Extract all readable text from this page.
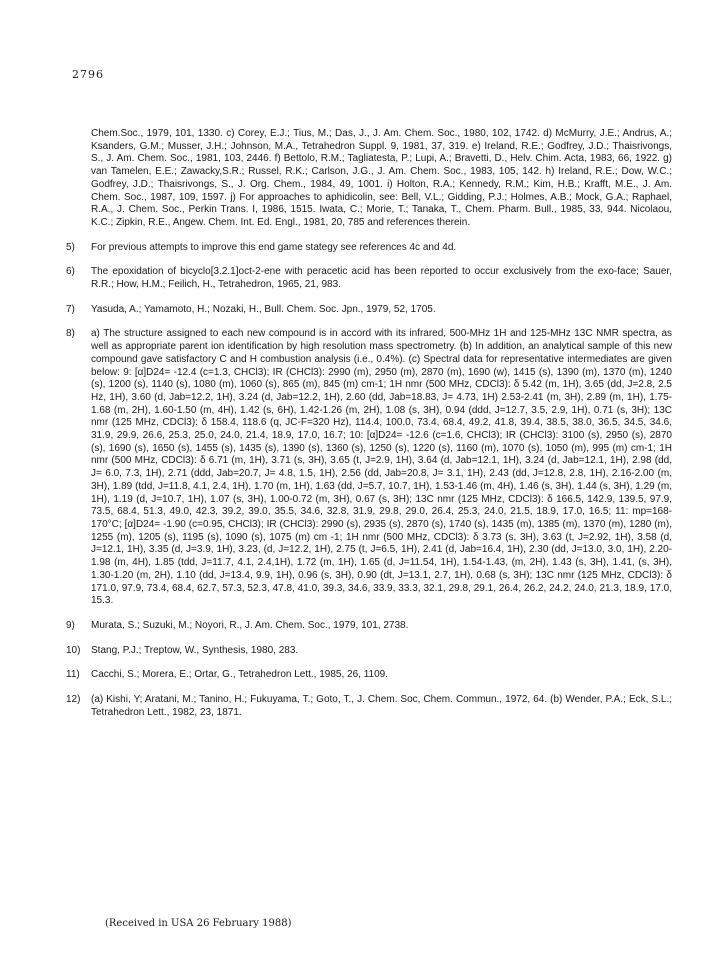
2796
Chem.Soc., 1979, 101, 1330. c) Corey, E.J.; Tius, M.; Das, J., J. Am. Chem. Soc., 1980, 102, 1742. d) McMurry, J.E.; Andrus, A.; Ksanders, G.M.; Musser, J.H.; Johnson, M.A., Tetrahedron Suppl. 9, 1981, 37, 319. e) Ireland, R.E.; Godfrey, J.D.; Thaisrivongs, S., J. Am. Chem. Soc., 1981, 103, 2446. f) Bettolo, R.M.; Tagliatesta, P.; Lupi, A.; Bravetti, D., Helv. Chim. Acta, 1983, 66, 1922. g) van Tamelen, E.E.; Zawacky,S.R.; Russel, R.K.; Carlson, J.G., J. Am. Chem. Soc., 1983, 105, 142. h) Ireland, R.E.; Dow, W.C.; Godfrey, J.D.; Thaisrivongs, S., J. Org. Chem., 1984, 49, 1001. i) Holton, R.A.; Kennedy, R.M.; Kim, H.B.; Krafft, M.E., J. Am. Chem. Soc., 1987, 109, 1597. j) For approaches to aphidicolin, see: Bell, V.L.; Gidding, P.J.; Holmes, A.B.; Mock, G.A.; Raphael, R.A., J. Chem. Soc., Perkin Trans. I, 1986, 1515. Iwata, C.; Morie, T.; Tanaka, T., Chem. Pharm. Bull., 1985, 33, 944. Nicolaou, K.C.; Zipkin, R.E., Angew. Chem. Int. Ed. Engl., 1981, 20, 785 and references therein.
5)	For previous attempts to improve this end game stategy see references 4c and 4d.
6)	The epoxidation of bicyclo[3.2.1]oct-2-ene with peracetic acid has been reported to occur exclusively from the exo-face; Sauer, R.R.; How, H.M.; Feilich, H., Tetrahedron, 1965, 21, 983.
7)	Yasuda, A.; Yamamoto, H.; Nozaki, H., Bull. Chem. Soc. Jpn., 1979, 52, 1705.
8)	a) The structure assigned to each new compound is in accord with its infrared, 500-MHz 1H and 125-MHz 13C NMR spectra, as well as appropriate parent ion identification by high resolution mass spectrometry. (b) In addition, an analytical sample of this new compound gave satisfactory C and H combustion analysis (i.e., 0.4%). (c) Spectral data for representative intermediates are given below: 9: [α]D24= -12.4 (c=1.3, CHCl3); IR (CHCl3): 2990 (m), 2950 (m), 2870 (m), 1690 (w), 1415 (s), 1390 (m), 1370 (m), 1240 (s), 1200 (s), 1140 (s), 1080 (m), 1060 (s), 865 (m), 845 (m) cm-1; 1H nmr (500 MHz, CDCl3): δ 5.42 (m, 1H), 3.65 (dd, J=2.8, 2.5 Hz, 1H), 3.60 (d, Jab=12.2, 1H), 3.24 (d, Jab=12.2, 1H), 2.60 (dd, Jab=18.83, J= 4.73, 1H) 2.53-2.41 (m, 3H), 2.89 (m, 1H), 1.75-1.68 (m, 2H), 1.60-1.50 (m, 4H), 1.42 (s, 6H), 1.42-1.26 (m, 2H), 1.08 (s, 3H), 0.94 (ddd, J=12.7, 3.5, 2.9, 1H), 0.71 (s, 3H); 13C nmr (125 MHz, CDCl3): δ 158.4, 118.6 (q, JC-F=320 Hz), 114.4, 100.0, 73.4, 68.4, 49.2, 41.8, 39.4, 38.5, 38.0, 36.5, 34.5, 34.6, 31.9, 29.9, 26.6, 25.3, 25.0, 24.0, 21.4, 18.9, 17.0, 16.7; 10: [α]D24= -12.6 (c=1.6, CHCl3); IR (CHCl3): 3100 (s), 2950 (s), 2870 (s), 1690 (s), 1650 (s), 1455 (s), 1435 (s), 1390 (s), 1360 (s), 1250 (s), 1220 (s), 1160 (m), 1070 (s), 1050 (m), 995 (m) cm-1; 1H nmr (500 MHz, CDCl3): δ 6.71 (m, 1H), 3.71 (s, 3H), 3.65 (t, J=2.9, 1H), 3.64 (d, Jab=12.1, 1H), 3.24 (d, Jab=12.1, 1H), 2.98 (dd, J= 6.0, 7.3, 1H), 2.71 (ddd, Jab=20.7, J= 4.8, 1.5, 1H), 2.56 (dd, Jab=20.8, J= 3.1, 1H), 2.43 (dd, J=12.8, 2.8, 1H), 2.16-2.00 (m, 3H), 1.89 (tdd, J=11.8, 4.1, 2.4, 1H), 1.70 (m, 1H), 1.63 (dd, J=5.7, 10.7, 1H), 1.53-1.46 (m, 4H), 1.46 (s, 3H), 1.44 (s, 3H), 1.29 (m, 1H), 1.19 (d, J=10.7, 1H), 1.07 (s, 3H), 1.00-0.72 (m, 3H), 0.67 (s, 3H); 13C nmr (125 MHz, CDCl3): δ 166.5, 142.9, 139.5, 97.9, 73.5, 68.4, 51.3, 49.0, 42.3, 39.2, 39.0, 35.5, 34.6, 32.8, 31.9, 29.8, 29.0, 26.4, 25.3, 24.0, 21.5, 18.9, 17.0, 16.5; 11: mp=168-170°C; [α]D24= -1.90 (c=0.95, CHCl3); IR (CHCl3): 2990 (s), 2935 (s), 2870 (s), 1740 (s), 1435 (m), 1385 (m), 1370 (m), 1280 (m), 1255 (m), 1205 (s), 1195 (s), 1090 (s), 1075 (m) cm -1; 1H nmr (500 MHz, CDCl3): δ 3.73 (s, 3H), 3.63 (t, J=2.92, 1H), 3.58 (d, J=12.1, 1H), 3.35 (d, J=3.9, 1H), 3.23, (d, J=12.2, 1H), 2.75 (t, J=6.5, 1H), 2.41 (d, Jab=16.4, 1H), 2.30 (dd, J=13.0, 3.0, 1H), 2.20-1.98 (m, 4H), 1.85 (tdd, J=11.7, 4.1, 2.4,1H), 1.72 (m, 1H), 1.65 (d, J=11.54, 1H), 1.54-1.43, (m, 2H), 1.43 (s, 3H), 1.41, (s, 3H), 1.30-1.20 (m, 2H), 1.10 (dd, J=13.4, 9.9, 1H), 0.96 (s, 3H), 0.90 (dt, J=13.1, 2.7, 1H), 0.68 (s, 3H); 13C nmr (125 MHz, CDCl3): δ 171.0, 97.9, 73.4, 68.4, 62.7, 57.3, 52.3, 47.8, 41.0, 39.3, 34.6, 33.9, 33.3, 32.1, 29.8, 29.1, 26.4, 26.2, 24.2, 24.0, 21.3, 18.9, 17.0, 15.3.
9)	Murata, S.; Suzuki, M.; Noyori, R., J. Am. Chem. Soc., 1979, 101, 2738.
10)	Stang, P.J.; Treptow, W., Synthesis, 1980, 283.
11)	Cacchi, S.; Morera, E.; Ortar, G., Tetrahedron Lett., 1985, 26, 1109.
12)	(a) Kishi, Y; Aratani, M.; Tanino, H.; Fukuyama, T.; Goto, T., J. Chem. Soc, Chem. Commun., 1972, 64. (b) Wender, P.A.; Eck, S.L.; Tetrahedron Lett., 1982, 23, 1871.
(Received in USA 26 February 1988)
